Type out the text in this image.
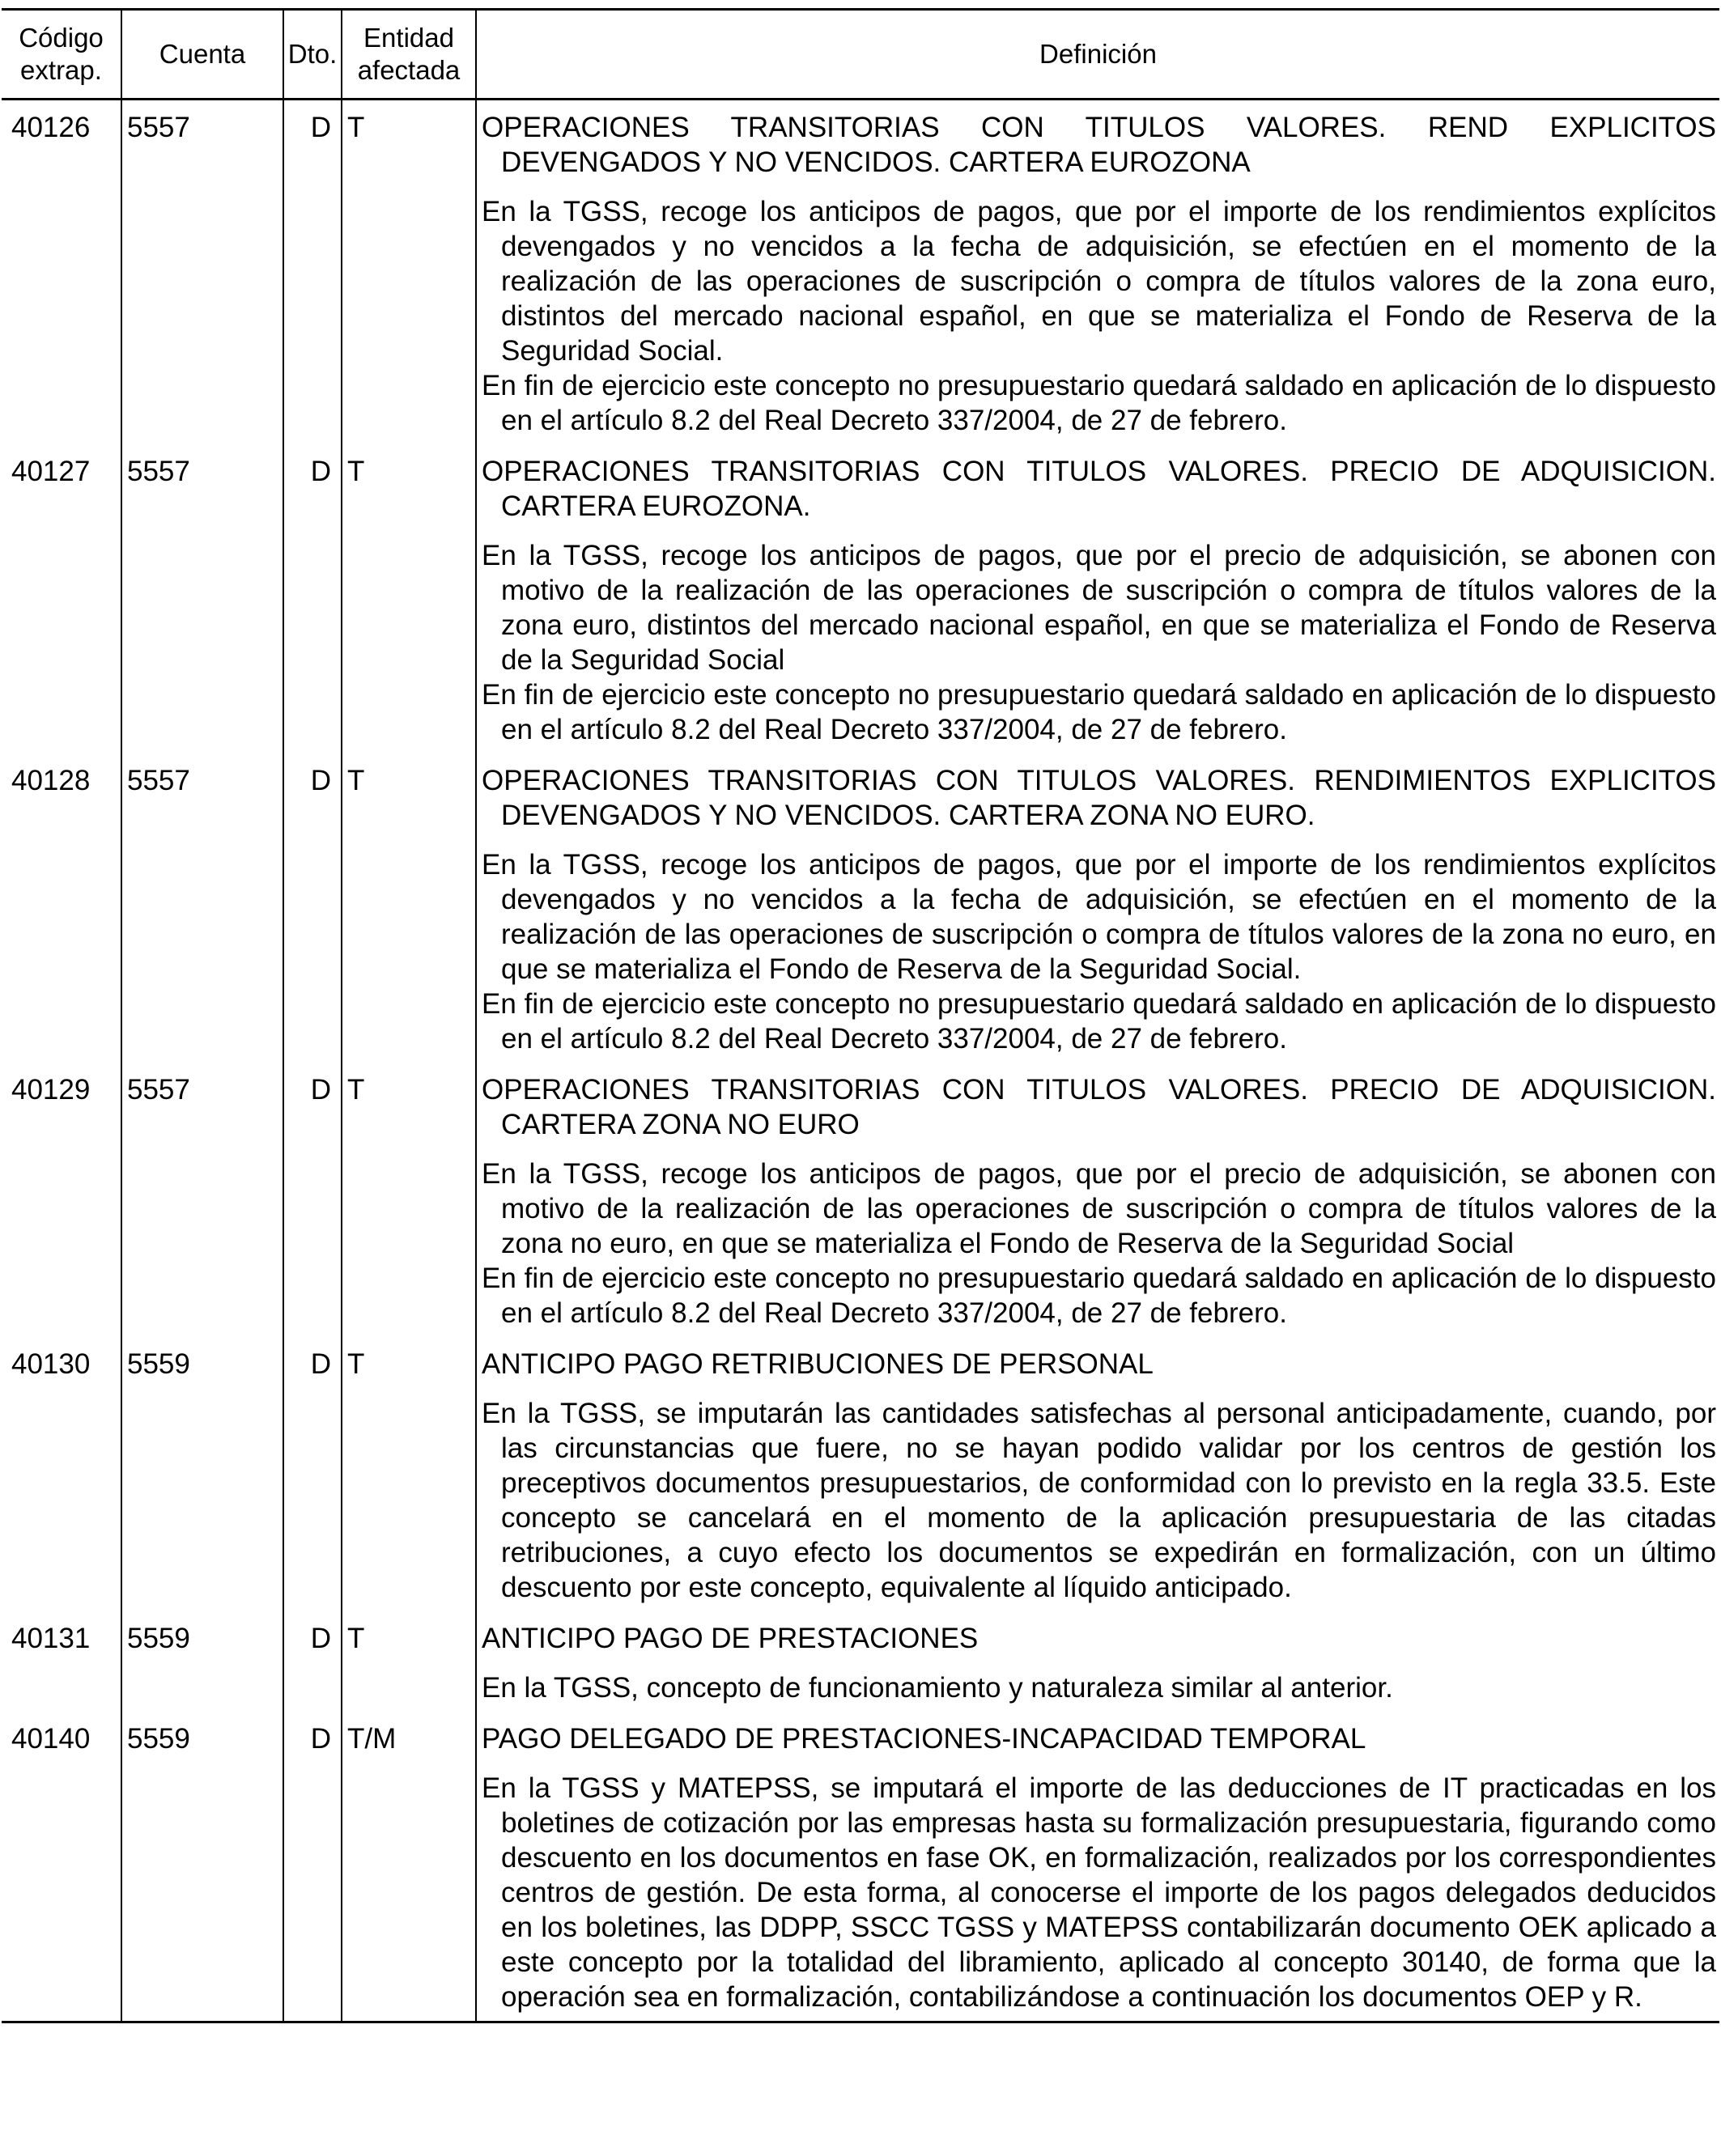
Código extrap.	Cuenta	Dto.	Entidad afectada	Definición
40126	5557	D	T	OPERACIONES TRANSITORIAS CON TITULOS VALORES. REND EXPLICITOS DEVENGADOS Y NO VENCIDOS. CARTERA EUROZONA

En la TGSS, recoge los anticipos de pagos, que por el importe de los rendimientos explícitos devengados y no vencidos a la fecha de adquisición, se efectúen en el momento de la realización de las operaciones de suscripción o compra de títulos valores de la zona euro, distintos del mercado nacional español, en que se materializa el Fondo de Reserva de la Seguridad Social.

En fin de ejercicio este concepto no presupuestario quedará saldado en aplicación de lo dispuesto en el artículo 8.2 del Real Decreto 337/2004, de 27 de febrero.

40127	5557	D	T	OPERACIONES TRANSITORIAS CON TITULOS VALORES. PRECIO DE ADQUISICION. CARTERA EUROZONA.

En la TGSS, recoge los anticipos de pagos, que por el precio de adquisición, se abonen con motivo de la realización de las operaciones de suscripción o compra de títulos valores de la zona euro, distintos del mercado nacional español, en que se materializa el Fondo de Reserva de la Seguridad Social

En fin de ejercicio este concepto no presupuestario quedará saldado en aplicación de lo dispuesto en el artículo 8.2 del Real Decreto 337/2004, de 27 de febrero.

40128	5557	D	T	OPERACIONES TRANSITORIAS CON TITULOS VALORES. RENDIMIENTOS EXPLICITOS DEVENGADOS Y NO VENCIDOS. CARTERA ZONA NO EURO.

En la TGSS, recoge los anticipos de pagos, que por el importe de los rendimientos explícitos devengados y no vencidos a la fecha de adquisición, se efectúen en el momento de la realización de las operaciones de suscripción o compra de títulos valores de la zona no euro, en que se materializa el Fondo de Reserva de la Seguridad Social.

En fin de ejercicio este concepto no presupuestario quedará saldado en aplicación de lo dispuesto en el artículo 8.2 del Real Decreto 337/2004, de 27 de febrero.

40129	5557	D	T	OPERACIONES TRANSITORIAS CON TITULOS VALORES. PRECIO DE ADQUISICION. CARTERA ZONA NO EURO

En la TGSS, recoge los anticipos de pagos, que por el precio de adquisición, se abonen con motivo de la realización de las operaciones de suscripción o compra de títulos valores de la zona no euro, en que se materializa el Fondo de Reserva de la Seguridad Social

En fin de ejercicio este concepto no presupuestario quedará saldado en aplicación de lo dispuesto en el artículo 8.2 del Real Decreto 337/2004, de 27 de febrero.

40130	5559	D	T	ANTICIPO PAGO RETRIBUCIONES DE PERSONAL

En la TGSS, se imputarán las cantidades satisfechas al personal anticipadamente, cuando, por las circunstancias que fuere, no se hayan podido validar por los centros de gestión los preceptivos documentos presupuestarios, de conformidad con lo previsto en la regla 33.5. Este concepto se cancelará en el momento de la aplicación presupuestaria de las citadas retribuciones, a cuyo efecto los documentos se expedirán en formalización, con un último descuento por este concepto, equivalente al líquido anticipado.

40131	5559	D	T	ANTICIPO PAGO DE PRESTACIONES

En la TGSS, concepto de funcionamiento y naturaleza similar al anterior.

40140	5559	D	T/M	PAGO DELEGADO DE PRESTACIONES-INCAPACIDAD TEMPORAL

En la TGSS y MATEPSS, se imputará el importe de las deducciones de IT practicadas en los boletines de cotización por las empresas hasta su formalización presupuestaria, figurando como descuento en los documentos en fase OK, en formalización, realizados por los correspondientes centros de gestión. De esta forma, al conocerse el importe de los pagos delegados deducidos en los boletines, las DDPP, SSCC TGSS y MATEPSS contabilizarán documento OEK aplicado a este concepto por la totalidad del libramiento, aplicado al concepto 30140, de forma que la operación sea en formalización, contabilizándose a continuación los documentos OEP y R.
